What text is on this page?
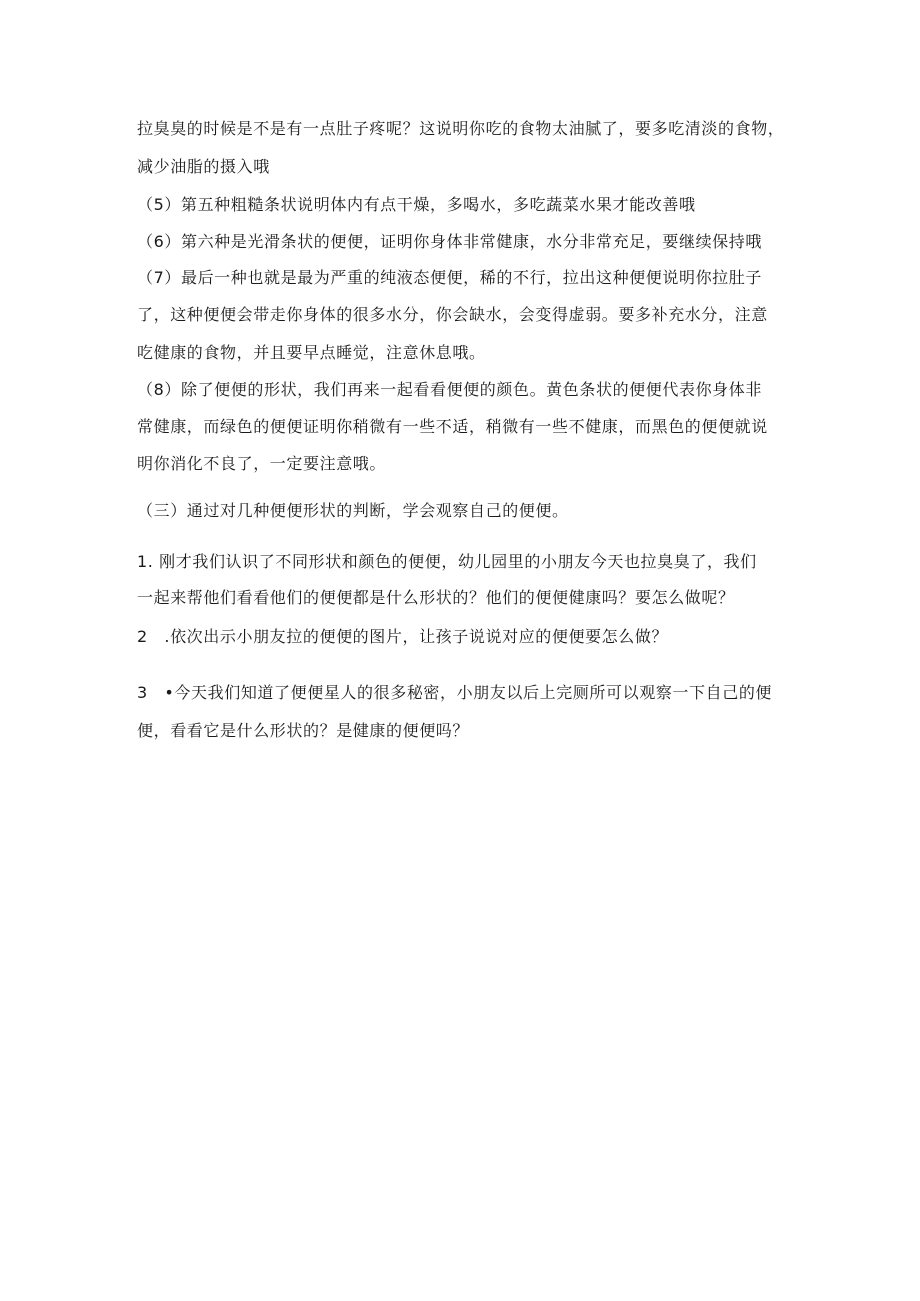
拉臭臭的时候是不是有一点肚子疼呢？这说明你吃的食物太油腻了，要多吃清淡的食物，
减少油脂的摄入哦
（5）第五种粗糙条状说明体内有点干燥，多喝水，多吃蔬菜水果才能改善哦
（6）第六种是光滑条状的便便，证明你身体非常健康，水分非常充足，要继续保持哦
（7）最后一种也就是最为严重的纯液态便便，稀的不行，拉出这种便便说明你拉肚子
了，这种便便会带走你身体的很多水分，你会缺水，会变得虚弱。要多补充水分，注意
吃健康的食物，并且要早点睡觉，注意休息哦。
（8）除了便便的形状，我们再来一起看看便便的颜色。黄色条状的便便代表你身体非
常健康，而绿色的便便证明你稍微有一些不适，稍微有一些不健康，而黑色的便便就说
明你消化不良了，一定要注意哦。
（三）通过对几种便便形状的判断，学会观察自己的便便。
1. 刚才我们认识了不同形状和颜色的便便，幼儿园里的小朋友今天也拉臭臭了，我们
一起来帮他们看看他们的便便都是什么形状的？他们的便便健康吗？要怎么做呢？
2　.依次出示小朋友拉的便便的图片，让孩子说说对应的便便要怎么做？
3　•今天我们知道了便便星人的很多秘密，小朋友以后上完厕所可以观察一下自己的便
便，看看它是什么形状的？是健康的便便吗？
